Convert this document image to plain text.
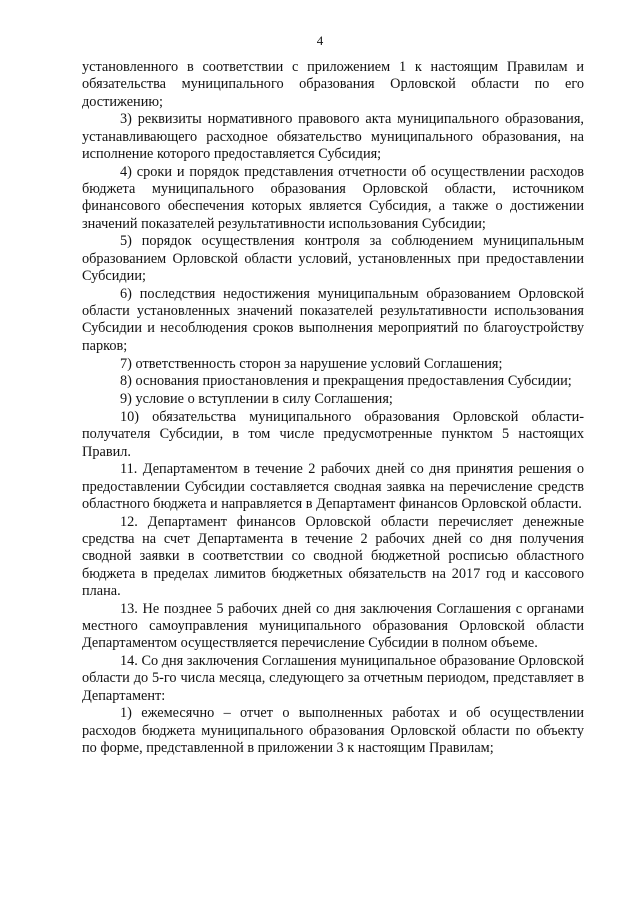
4

установленного в соответствии с приложением 1 к настоящим Правилам и обязательства муниципального образования Орловской области по его достижению;

3) реквизиты нормативного правового акта муниципального образования, устанавливающего расходное обязательство муниципального образования, на исполнение которого предоставляется Субсидия;

4) сроки и порядок представления отчетности об осуществлении расходов бюджета муниципального образования Орловской области, источником финансового обеспечения которых является Субсидия, а также о достижении значений показателей результативности использования Субсидии;

5) порядок осуществления контроля за соблюдением муниципальным образованием Орловской области условий, установленных при предоставлении Субсидии;

6) последствия недостижения муниципальным образованием Орловской области установленных значений показателей результативности использования Субсидии и несоблюдения сроков выполнения мероприятий по благоустройству парков;

7) ответственность сторон за нарушение условий Соглашения;

8) основания приостановления и прекращения предоставления Субсидии;

9) условие о вступлении в силу Соглашения;

10) обязательства муниципального образования Орловской области-получателя Субсидии, в том числе предусмотренные пунктом 5 настоящих Правил.

11. Департаментом в течение 2 рабочих дней со дня принятия решения о предоставлении Субсидии составляется сводная заявка на перечисление средств областного бюджета и направляется в Департамент финансов Орловской области.

12. Департамент финансов Орловской области перечисляет денежные средства на счет Департамента в течение 2 рабочих дней со дня получения сводной заявки в соответствии со сводной бюджетной росписью областного бюджета в пределах лимитов бюджетных обязательств на 2017 год и кассового плана.

13. Не позднее 5 рабочих дней со дня заключения Соглашения с органами местного самоуправления муниципального образования Орловской области Департаментом осуществляется перечисление Субсидии в полном объеме.

14. Со дня заключения Соглашения муниципальное образование Орловской области до 5-го числа месяца, следующего за отчетным периодом, представляет в Департамент:

1) ежемесячно – отчет о выполненных работах и об осуществлении расходов бюджета муниципального образования Орловской области по объекту по форме, представленной в приложении 3 к настоящим Правилам;
